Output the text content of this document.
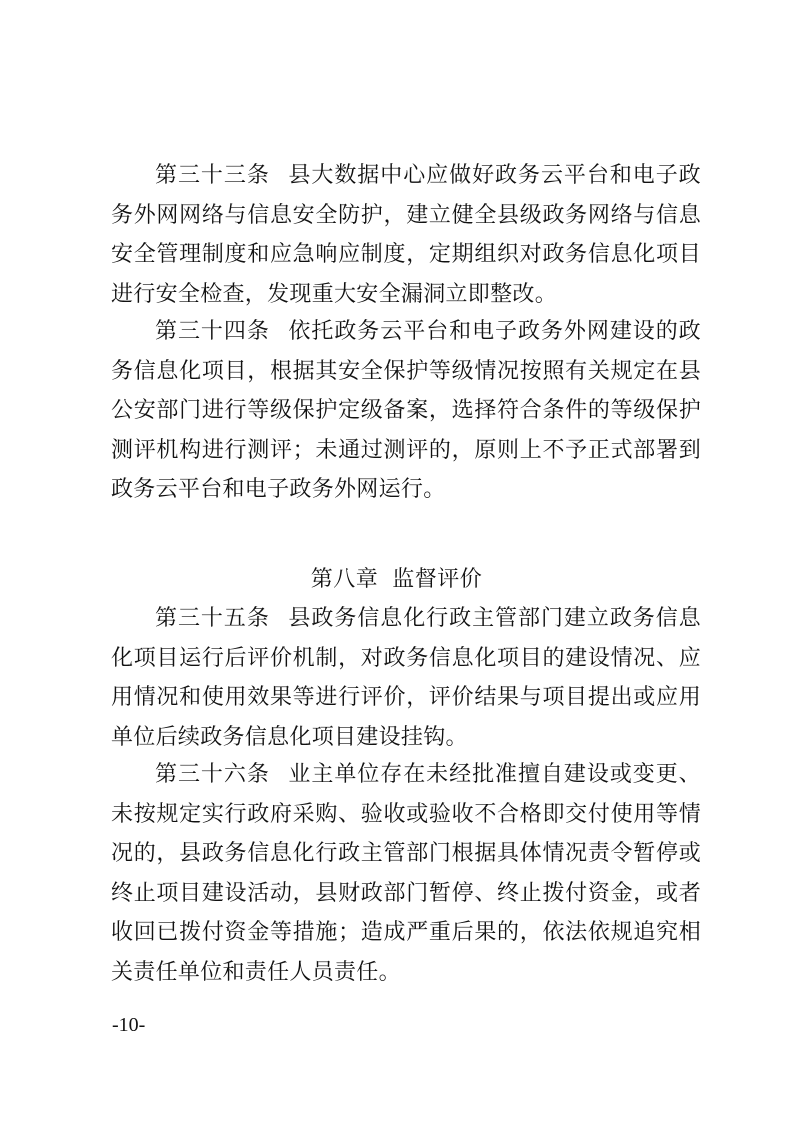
第三十三条 县大数据中心应做好政务云平台和电子政务外网网络与信息安全防护，建立健全县级政务网络与信息安全管理制度和应急响应制度，定期组织对政务信息化项目进行安全检查，发现重大安全漏洞立即整改。

第三十四条 依托政务云平台和电子政务外网建设的政务信息化项目，根据其安全保护等级情况按照有关规定在县公安部门进行等级保护定级备案，选择符合条件的等级保护测评机构进行测评；未通过测评的，原则上不予正式部署到政务云平台和电子政务外网运行。

第八章 监督评价

第三十五条 县政务信息化行政主管部门建立政务信息化项目运行后评价机制，对政务信息化项目的建设情况、应用情况和使用效果等进行评价，评价结果与项目提出或应用单位后续政务信息化项目建设挂钩。

第三十六条 业主单位存在未经批准擅自建设或变更、未按规定实行政府采购、验收或验收不合格即交付使用等情况的，县政务信息化行政主管部门根据具体情况责令暂停或终止项目建设活动，县财政部门暂停、终止拨付资金，或者收回已拨付资金等措施；造成严重后果的，依法依规追究相关责任单位和责任人员责任。

-10-
